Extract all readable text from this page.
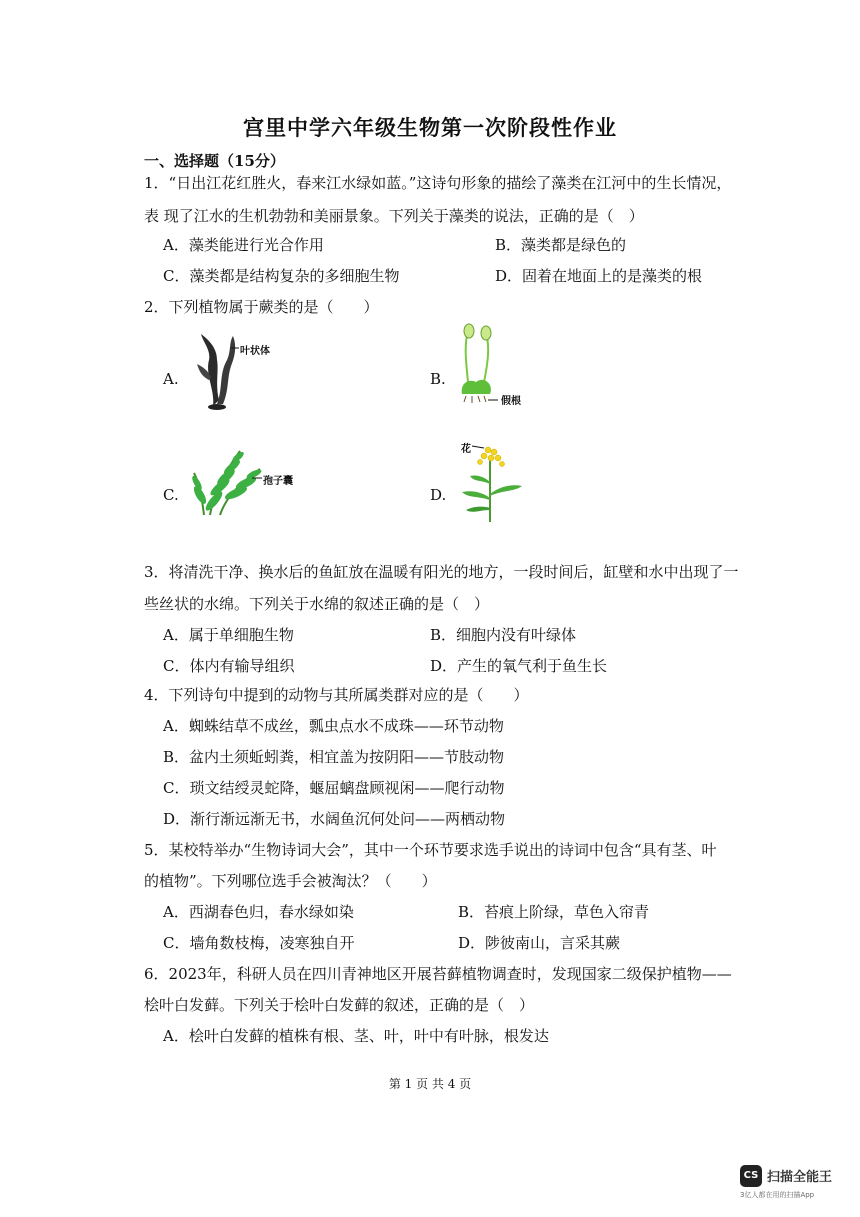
宫里中学六年级生物第一次阶段性作业
一、选择题（15分）
1．“日出江花红胜火，春来江水绿如蓝。”这诗句形象的描绘了藻类在江河中的生长情况，
表 现了江水的生机勃勃和美丽景象。下列关于藻类的说法，正确的是（　）
A．藻类能进行光合作用	B．藻类都是绿色的
C．藻类都是结构复杂的多细胞生物	D．固着在地面上的是藻类的根
2．下列植物属于蕨类的是（　　）
A.	B.
C.	D.
叶状体
假根
孢子囊
花
3．将清洗干净、换水后的鱼缸放在温暖有阳光的地方，一段时间后，缸壁和水中出现了一
些丝状的水绵。下列关于水绵的叙述正确的是（　）
A．属于单细胞生物	B．细胞内没有叶绿体
C．体内有输导组织	D．产生的氧气利于鱼生长
4．下列诗句中提到的动物与其所属类群对应的是（　　）
A．蜘蛛结草不成丝，瓢虫点水不成珠——环节动物
B．盆内土须蚯蚓粪，相宜盖为按阴阳——节肢动物
C．琐文结绶灵蛇降，蝘屈螭盘顾视闲——爬行动物
D．渐行渐远渐无书，水阔鱼沉何处问——两栖动物
5．某校特举办“生物诗词大会”，其中一个环节要求选手说出的诗词中包含“具有茎、叶
的植物”。下列哪位选手会被淘汰？（　　）
A．西湖春色归，春水绿如染	B．苔痕上阶绿，草色入帘青
C．墙角数枝梅，凌寒独自开	D．陟彼南山，言采其蕨
6．2023年，科研人员在四川青神地区开展苔藓植物调查时，发现国家二级保护植物——
桧叶白发藓。下列关于桧叶白发藓的叙述，正确的是（　）
A．桧叶白发藓的植株有根、茎、叶，叶中有叶脉，根发达
第 1 页 共 4 页
CS 扫描全能王
3亿人都在用的扫描App
